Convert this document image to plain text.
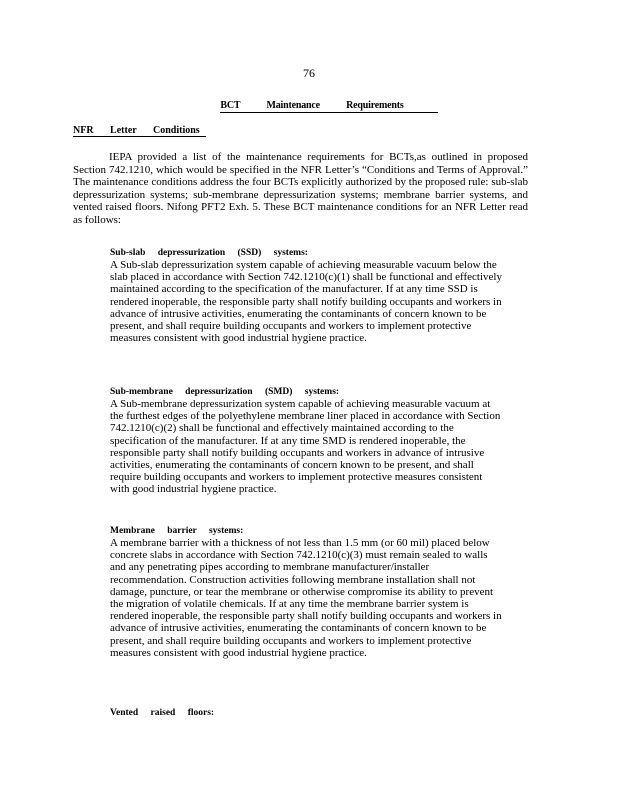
76
BCT Maintenance Requirements
NFR Letter Conditions

IEPA provided a list of the maintenance requirements for BCTs,as outlined in proposed Section 742.1210, which would be specified in the NFR Letter’s “Conditions and Terms of Approval.” The maintenance conditions address the four BCTs explicitly authorized by the proposed rule: sub-slab depressurization systems; sub-membrane depressurization systems; membrane barrier systems, and vented raised floors. Nifong PFT2 Exh. 5. These BCT maintenance conditions for an NFR Letter read as follows:

Sub-slab depressurization (SSD) systems:

A Sub-slab depressurization system capable of achieving measurable vacuum below the slab placed in accordance with Section 742.1210(c)(1) shall be functional and effectively maintained according to the specification of the manufacturer. If at any time SSD is rendered inoperable, the responsible party shall notify building occupants and workers in advance of intrusive activities, enumerating the contaminants of concern known to be present, and shall require building occupants and workers to implement protective measures consistent with good industrial hygiene practice.

Sub-membrane depressurization (SMD) systems:

A Sub-membrane depressurization system capable of achieving measurable vacuum at the furthest edges of the polyethylene membrane liner placed in accordance with Section 742.1210(c)(2) shall be functional and effectively maintained according to the specification of the manufacturer. If at any time SMD is rendered inoperable, the responsible party shall notify building occupants and workers in advance of intrusive activities, enumerating the contaminants of concern known to be present, and shall require building occupants and workers to implement protective measures consistent with good industrial hygiene practice.

Membrane barrier systems:

A membrane barrier with a thickness of not less than 1.5 mm (or 60 mil) placed below concrete slabs in accordance with Section 742.1210(c)(3) must remain sealed to walls and any penetrating pipes according to membrane manufacturer/installer recommendation. Construction activities following membrane installation shall not damage, puncture, or tear the membrane or otherwise compromise its ability to prevent the migration of volatile chemicals. If at any time the membrane barrier system is rendered inoperable, the responsible party shall notify building occupants and workers in advance of intrusive activities, enumerating the contaminants of concern known to be present, and shall require building occupants and workers to implement protective measures consistent with good industrial hygiene practice.

Vented raised floors:
